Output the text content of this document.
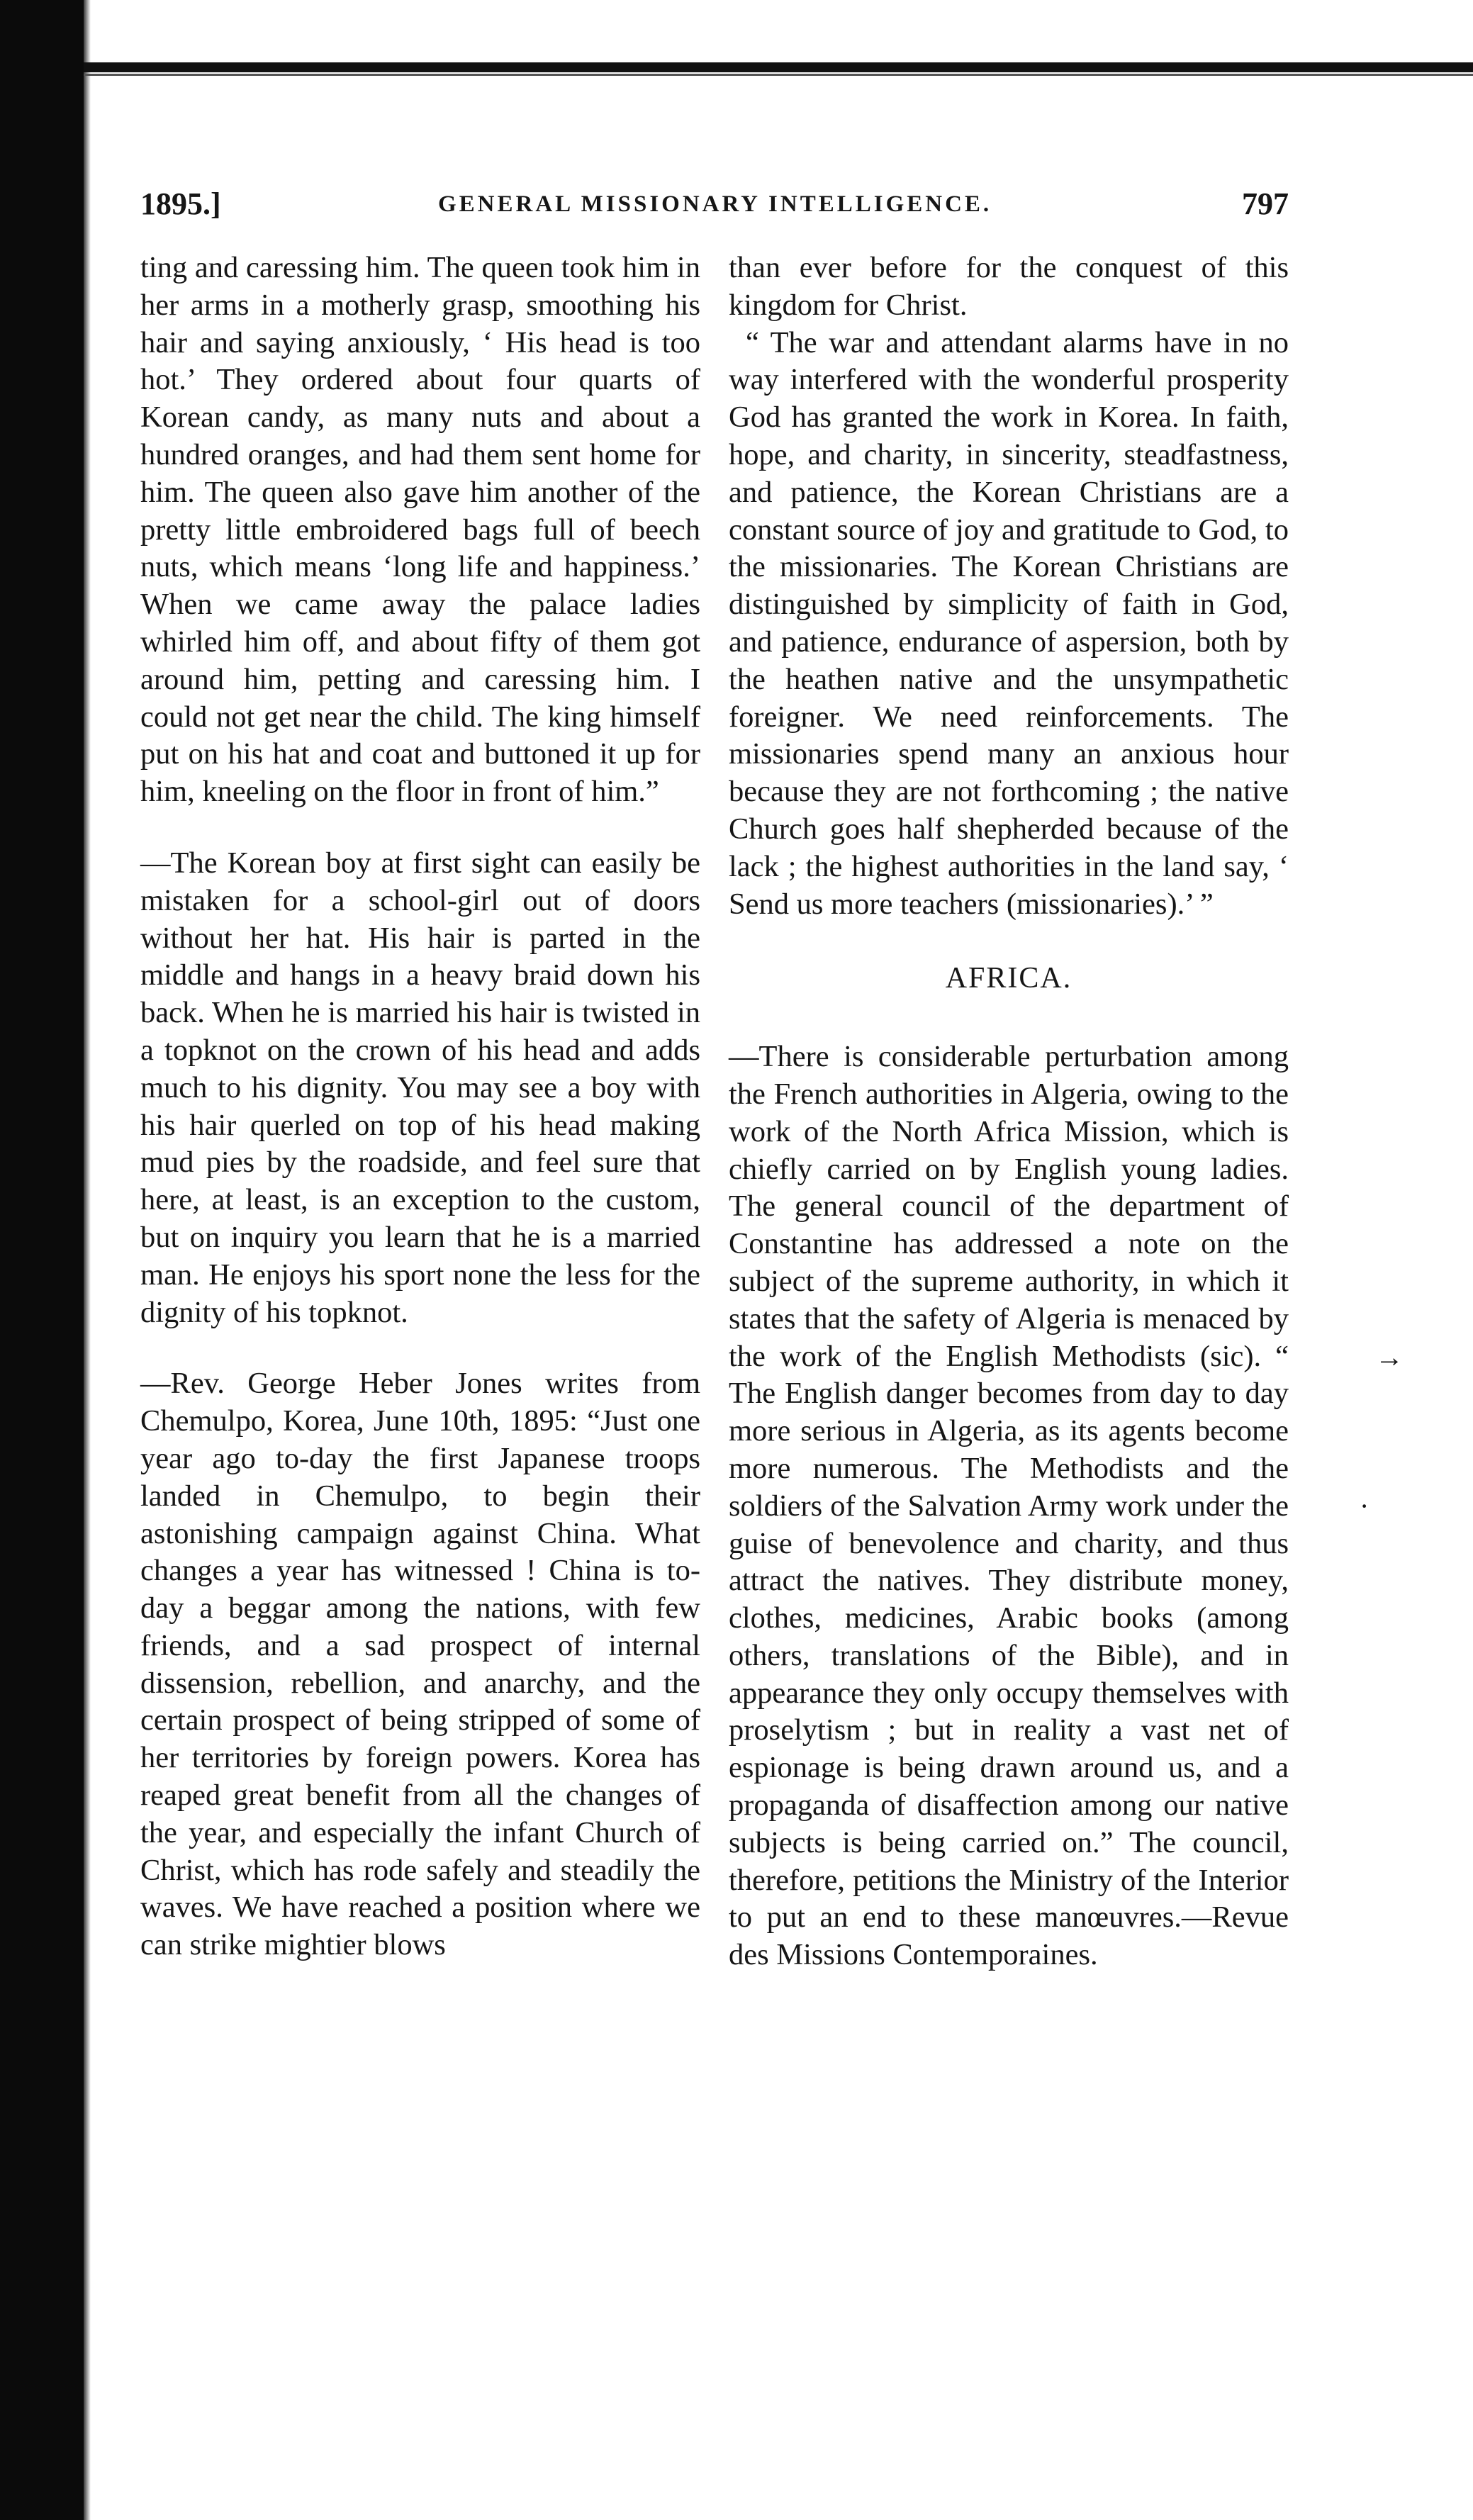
1895.]	GENERAL MISSIONARY INTELLIGENCE.	797

ting and caressing him. The queen took him in her arms in a motherly grasp, smoothing his hair and saying anxiously, ‘ His head is too hot.’ They ordered about four quarts of Korean candy, as many nuts and about a hundred oranges, and had them sent home for him. The queen also gave him another of the pretty little embroidered bags full of beech nuts, which means ‘long life and happiness.’ When we came away the palace ladies whirled him off, and about fifty of them got around him, petting and caressing him. I could not get near the child. The king himself put on his hat and coat and buttoned it up for him, kneeling on the floor in front of him.”

—The Korean boy at first sight can easily be mistaken for a school-girl out of doors without her hat. His hair is parted in the middle and hangs in a heavy braid down his back. When he is married his hair is twisted in a topknot on the crown of his head and adds much to his dignity. You may see a boy with his hair querled on top of his head making mud pies by the roadside, and feel sure that here, at least, is an exception to the custom, but on inquiry you learn that he is a married man. He enjoys his sport none the less for the dignity of his topknot.

—Rev. George Heber Jones writes from Chemulpo, Korea, June 10th, 1895: “Just one year ago to-day the first Japanese troops landed in Chemulpo, to begin their astonishing campaign against China. What changes a year has witnessed ! China is to-day a beggar among the nations, with few friends, and a sad prospect of internal dissension, rebellion, and anarchy, and the certain prospect of being stripped of some of her territories by foreign powers. Korea has reaped great benefit from all the changes of the year, and especially the infant Church of Christ, which has rode safely and steadily the waves. We have reached a position where we can strike mightier blows

than ever before for the conquest of this kingdom for Christ.

“ The war and attendant alarms have in no way interfered with the wonderful prosperity God has granted the work in Korea. In faith, hope, and charity, in sincerity, steadfastness, and patience, the Korean Christians are a constant source of joy and gratitude to God, to the missionaries. The Korean Christians are distinguished by simplicity of faith in God, and patience, endurance of aspersion, both by the heathen native and the unsympathetic foreigner. We need reinforcements. The missionaries spend many an anxious hour because they are not forthcoming ; the native Church goes half shepherded because of the lack ; the highest authorities in the land say, ‘ Send us more teachers (missionaries).’ ”

AFRICA.

—There is considerable perturbation among the French authorities in Algeria, owing to the work of the North Africa Mission, which is chiefly carried on by English young ladies. The general council of the department of Constantine has addressed a note on the subject of the supreme authority, in which it states that the safety of Algeria is menaced by the work of the English Methodists (sic). “ The English danger becomes from day to day more serious in Algeria, as its agents become more numerous. The Methodists and the soldiers of the Salvation Army work under the guise of benevolence and charity, and thus attract the natives. They distribute money, clothes, medicines, Arabic books (among others, translations of the Bible), and in appearance they only occupy themselves with proselytism ; but in reality a vast net of espionage is being drawn around us, and a propaganda of disaffection among our native subjects is being carried on.” The council, therefore, petitions the Ministry of the Interior to put an end to these manœuvres.—Revue des Missions Contemporaines.

→
·
